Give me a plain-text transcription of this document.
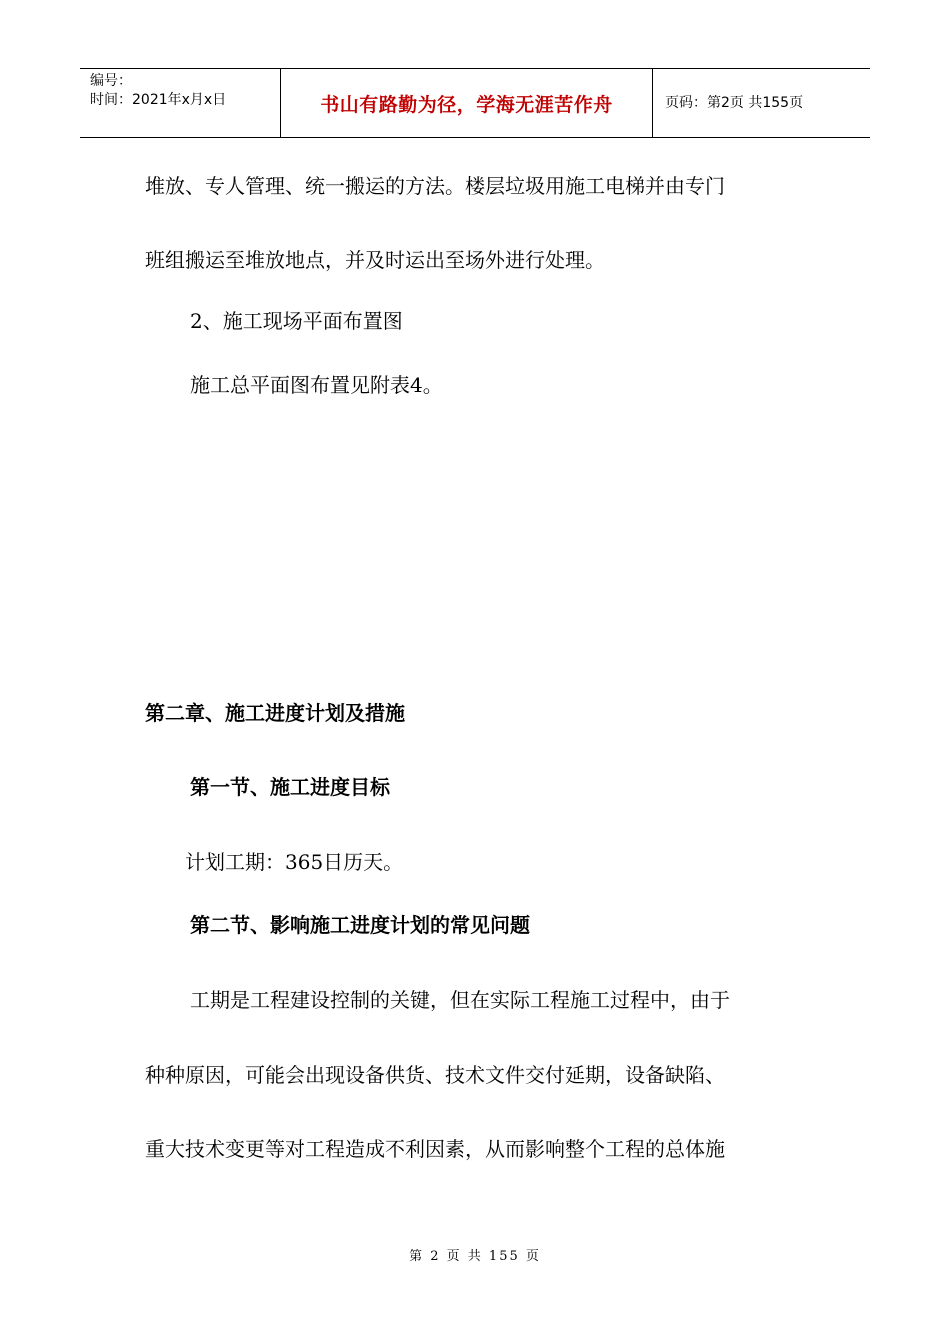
编号：
时间：2021年x月x日	书山有路勤为径，学海无涯苦作舟	页码：第2页 共155页
堆放、专人管理、统一搬运的方法。楼层垃圾用施工电梯并由专门
班组搬运至堆放地点，并及时运出至场外进行处理。
2、施工现场平面布置图
施工总平面图布置见附表4。
第二章、施工进度计划及措施
第一节、施工进度目标
计划工期：365日历天。
第二节、影响施工进度计划的常见问题
工期是工程建设控制的关键，但在实际工程施工过程中，由于
种种原因，可能会出现设备供货、技术文件交付延期，设备缺陷、
重大技术变更等对工程造成不利因素，从而影响整个工程的总体施
第 2 页 共 155 页
